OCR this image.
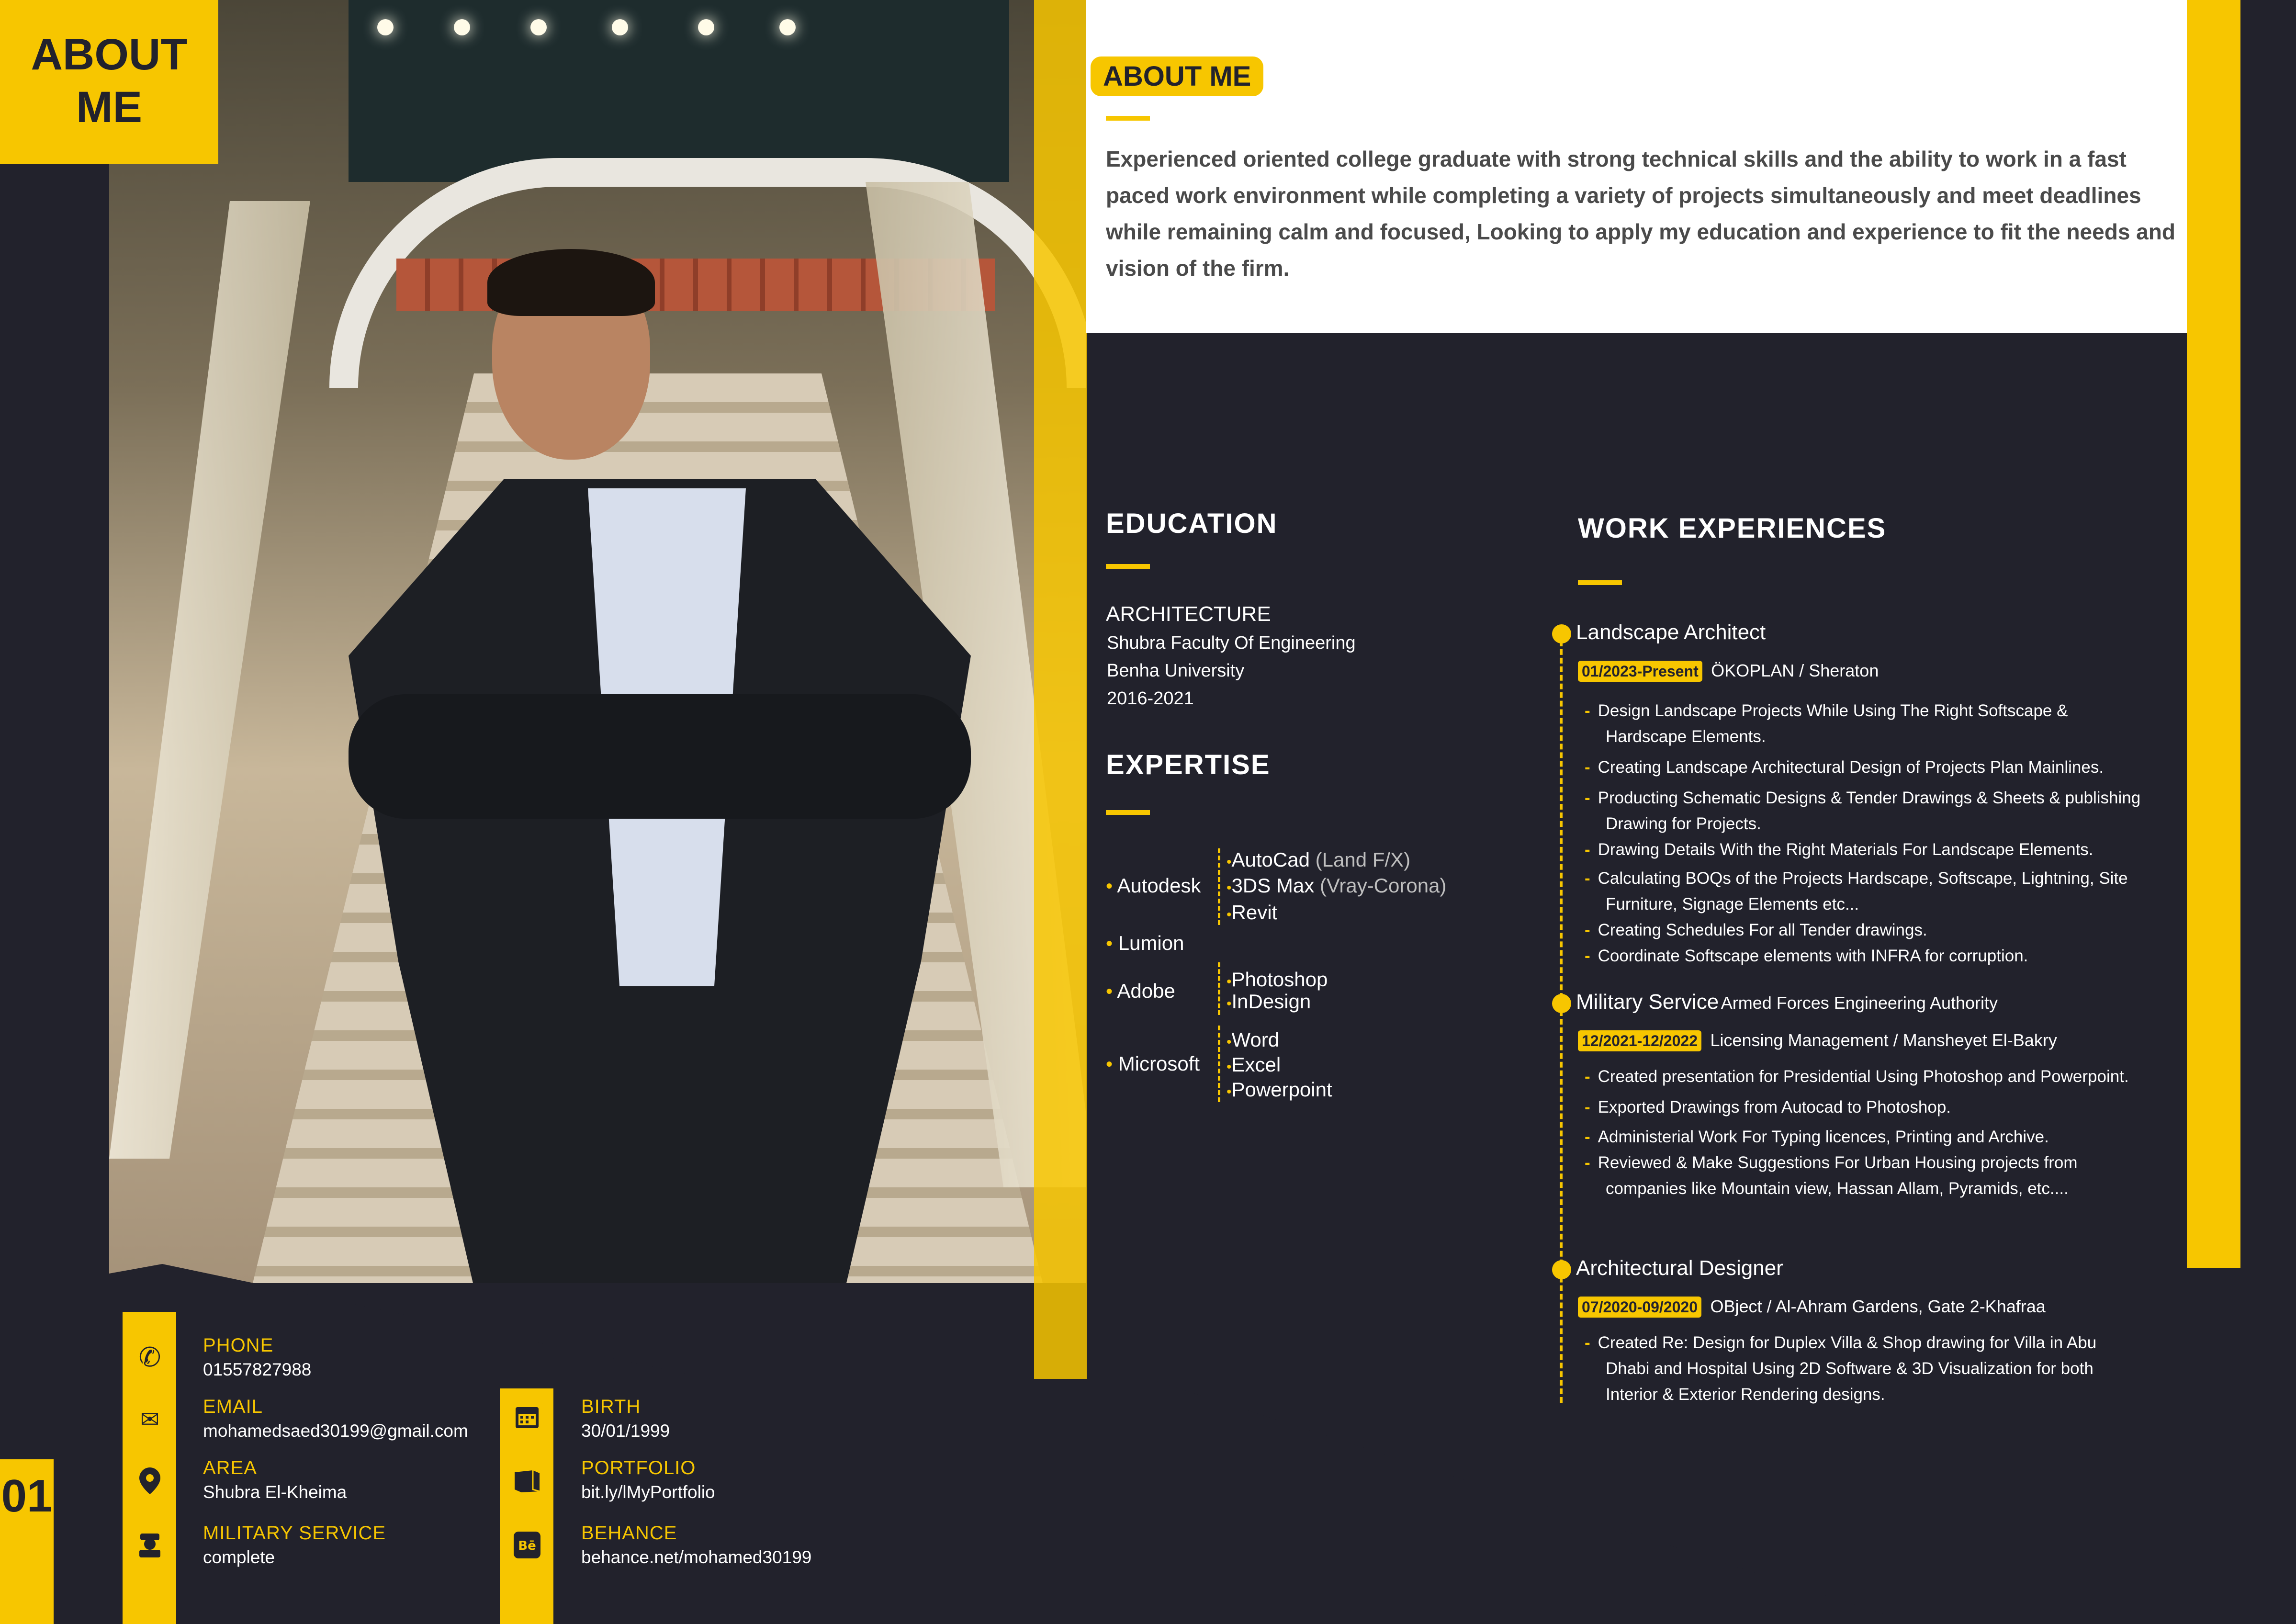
ABOUT
ME
ABOUT ME
Experienced oriented college graduate with strong technical skills and the ability to work in a fast paced work environment while completing a variety of projects simultaneously and meet deadlines while remaining calm and focused, Looking to apply my education and experience to fit the needs and vision of the firm.
EDUCATION
ARCHITECTURE
Shubra Faculty Of Engineering
Benha University
2016-2021
EXPERTISE
• Autodesk
•AutoCad (Land F/X)
•3DS Max (Vray-Corona)
•Revit
• Lumion
• Adobe	•Photoshop
•InDesign
• Microsoft
•Word
•Excel
•Powerpoint
WORK EXPERIENCES
Landscape Architect
01/2023-Present ÖKOPLAN / Sheraton
- Design Landscape Projects While Using The Right Softscape & Hardscape Elements.
- Creating Landscape Architectural Design of Projects Plan Mainlines.
- Producting Schematic Designs & Tender Drawings & Sheets & publishing Drawing for Projects.
- Drawing Details With the Right Materials For Landscape Elements.
- Calculating BOQs of the Projects Hardscape, Softscape, Lightning, Site Furniture, Signage Elements etc...
- Creating Schedules For all Tender drawings.
- Coordinate Softscape elements with INFRA for corruption.
Military Service Armed Forces Engineering Authority
12/2021-12/2022 Licensing Management / Mansheyet El-Bakry
- Created presentation for Presidential Using Photoshop and Powerpoint.
- Exported Drawings from Autocad to Photoshop.
- Administerial Work For Typing licences, Printing and Archive.
- Reviewed & Make Suggestions For Urban Housing projects from companies like Mountain view, Hassan Allam, Pyramids, etc....
Architectural Designer
07/2020-09/2020 OBject / Al-Ahram Gardens, Gate 2-Khafraa
- Created Re: Design for Duplex Villa & Shop drawing for Villa in Abu Dhabi and Hospital Using 2D Software & 3D Visualization for both Interior & Exterior Rendering designs.
✆
✉
PHONE
01557827988
EMAIL
mohamedsaed30199@gmail.com
AREA
Shubra El-Kheima
MILITARY SERVICE
complete
Bē
BIRTH
30/01/1999
PORTFOLIO
bit.ly/lMyPortfolio
BEHANCE
behance.net/mohamed30199
01
